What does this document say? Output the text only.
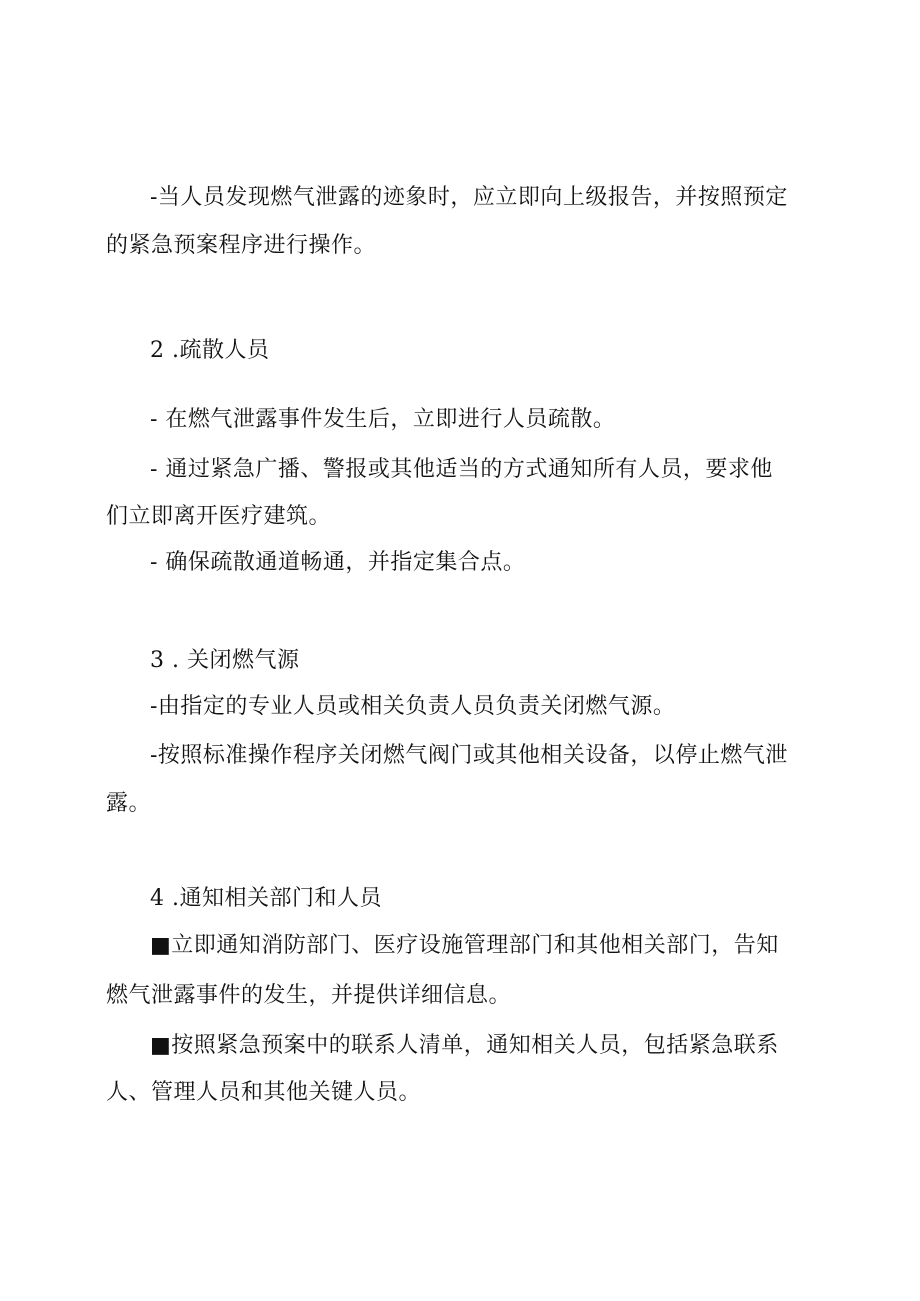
-当人员发现燃气泄露的迹象时，应立即向上级报告，并按照预定
的紧急预案程序进行操作。
2 .疏散人员
- 在燃气泄露事件发生后，立即进行人员疏散。
- 通过紧急广播、警报或其他适当的方式通知所有人员，要求他
们立即离开医疗建筑。
- 确保疏散通道畅通，并指定集合点。
3 . 关闭燃气源
-由指定的专业人员或相关负责人员负责关闭燃气源。
-按照标准操作程序关闭燃气阀门或其他相关设备，以停止燃气泄
露。
4 .通知相关部门和人员
■立即通知消防部门、医疗设施管理部门和其他相关部门，告知
燃气泄露事件的发生，并提供详细信息。
■按照紧急预案中的联系人清单，通知相关人员，包括紧急联系
人、管理人员和其他关键人员。
